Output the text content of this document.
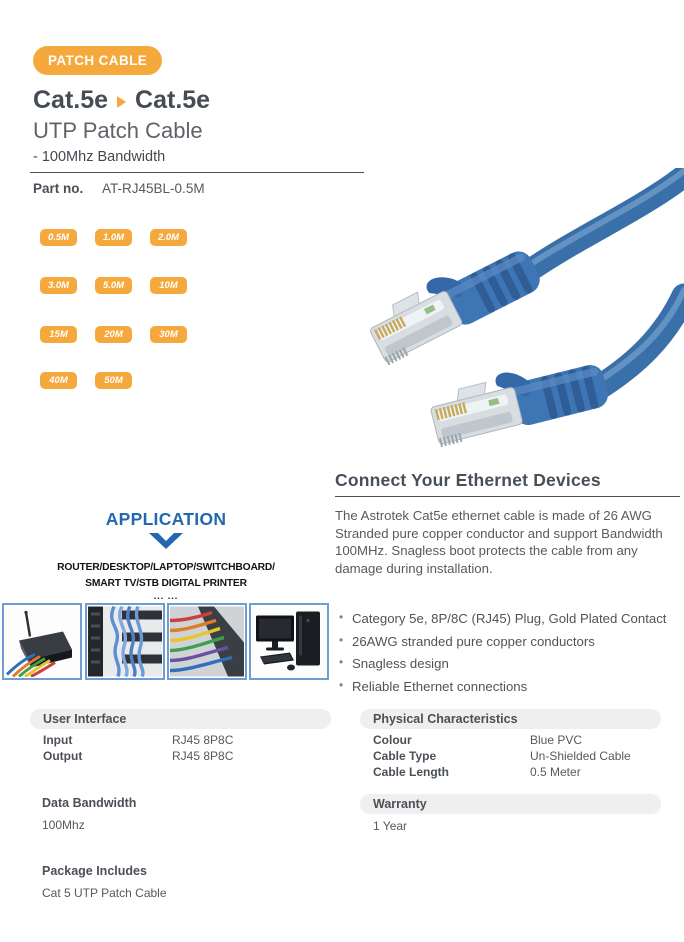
PATCH CABLE
Cat.5e Cat.5e
UTP Patch Cable
- 100Mhz Bandwidth
Part no. AT-RJ45BL-0.5M
0.5M	1.0M	2.0M
3.0M	5.0M	10M
15M	20M	30M
40M	50M
Connect Your Ethernet Devices
The Astrotek Cat5e ethernet cable is made of 26 AWG Stranded pure copper conductor and support Bandwidth 100MHz. Snagless boot protects the cable from any damage during installation.
• Category 5e, 8P/8C (RJ45) Plug, Gold Plated Contact
• 26AWG stranded pure copper conductors
• Snagless design
• Reliable Ethernet connections
APPLICATION
ROUTER/DESKTOP/LAPTOP/SWITCHBOARD/
SMART TV/STB DIGITAL PRINTER
... ...
User Interface
Input	RJ45 8P8C
Output	RJ45 8P8C
Physical Characteristics
Colour	Blue PVC
Cable Type	Un-Shielded Cable
Cable Length	0.5 Meter
Data Bandwidth
100Mhz
Warranty
1 Year
Package Includes
Cat 5 UTP Patch Cable
